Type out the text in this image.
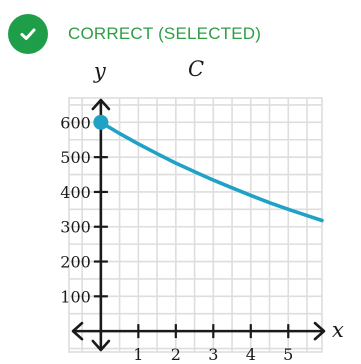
CORRECT (SELECTED)
1 2 3 4 5
100
200
300
400
500
600
C
y
x
